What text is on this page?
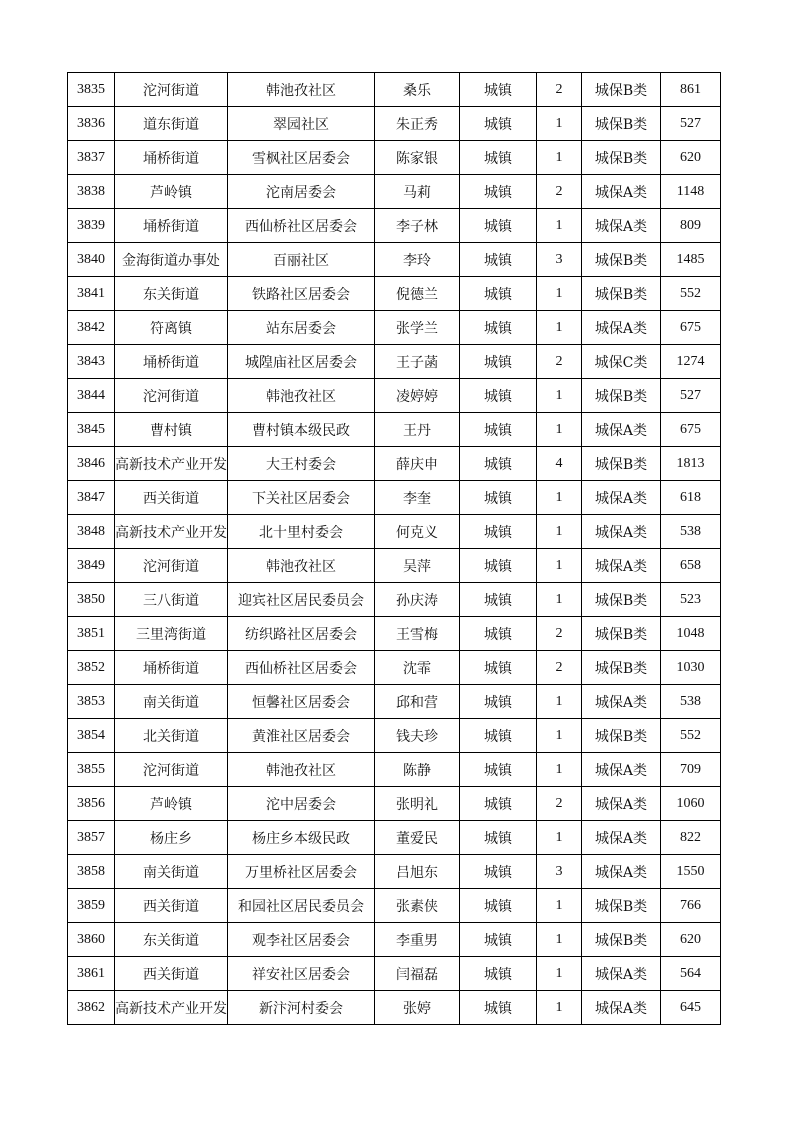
3835	沱河街道	韩池孜社区	桑乐	城镇	2	城保B类	861
3836	道东街道	翠园社区	朱正秀	城镇	1	城保B类	527
3837	埇桥街道	雪枫社区居委会	陈家银	城镇	1	城保B类	620
3838	芦岭镇	沱南居委会	马莉	城镇	2	城保A类	1148
3839	埇桥街道	西仙桥社区居委会	李子林	城镇	1	城保A类	809
3840	金海街道办事处	百丽社区	李玲	城镇	3	城保B类	1485
3841	东关街道	铁路社区居委会	倪德兰	城镇	1	城保B类	552
3842	符离镇	站东居委会	张学兰	城镇	1	城保A类	675
3843	埇桥街道	城隍庙社区居委会	王子菡	城镇	2	城保C类	1274
3844	沱河街道	韩池孜社区	凌婷婷	城镇	1	城保B类	527
3845	曹村镇	曹村镇本级民政	王丹	城镇	1	城保A类	675
3846	高新技术产业开发	大王村委会	薛庆申	城镇	4	城保B类	1813
3847	西关街道	下关社区居委会	李奎	城镇	1	城保A类	618
3848	高新技术产业开发	北十里村委会	何克义	城镇	1	城保A类	538
3849	沱河街道	韩池孜社区	吴萍	城镇	1	城保A类	658
3850	三八街道	迎宾社区居民委员会	孙庆涛	城镇	1	城保B类	523
3851	三里湾街道	纺织路社区居委会	王雪梅	城镇	2	城保B类	1048
3852	埇桥街道	西仙桥社区居委会	沈霏	城镇	2	城保B类	1030
3853	南关街道	恒馨社区居委会	邱和营	城镇	1	城保A类	538
3854	北关街道	黄淮社区居委会	钱夫珍	城镇	1	城保B类	552
3855	沱河街道	韩池孜社区	陈静	城镇	1	城保A类	709
3856	芦岭镇	沱中居委会	张明礼	城镇	2	城保A类	1060
3857	杨庄乡	杨庄乡本级民政	董爱民	城镇	1	城保A类	822
3858	南关街道	万里桥社区居委会	吕旭东	城镇	3	城保A类	1550
3859	西关街道	和园社区居民委员会	张素侠	城镇	1	城保B类	766
3860	东关街道	观李社区居委会	李重男	城镇	1	城保B类	620
3861	西关街道	祥安社区居委会	闫福磊	城镇	1	城保A类	564
3862	高新技术产业开发	新汴河村委会	张婷	城镇	1	城保A类	645
